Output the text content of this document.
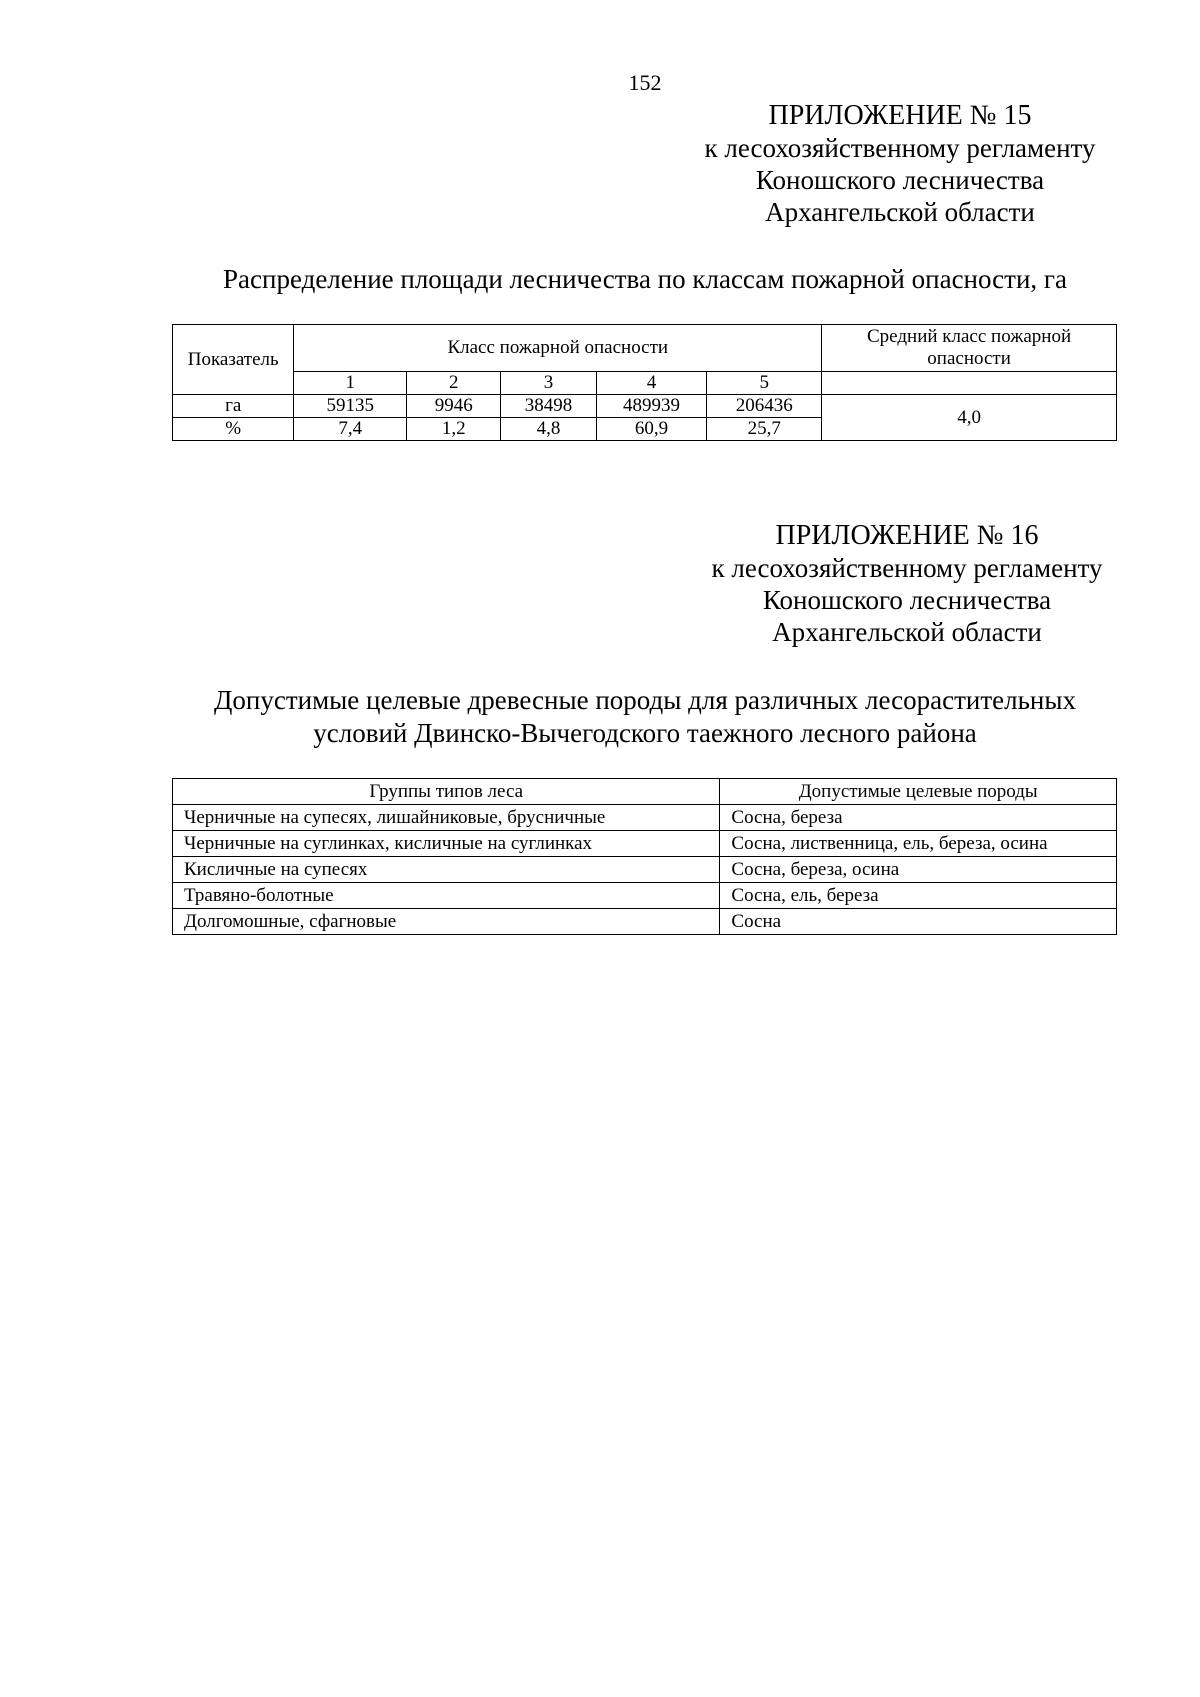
152
ПРИЛОЖЕНИЕ № 15
к лесохозяйственному регламенту
Коношского лесничества
Архангельской области
Распределение площади лесничества по классам пожарной опасности, га
Показатель	Класс пожарной опасности					Средний класс пожарной опасности
	1	2	3	4	5	
га	59135	9946	38498	489939	206436	4,0
%	7,4	1,2	4,8	60,9	25,7	
ПРИЛОЖЕНИЕ № 16
к лесохозяйственному регламенту
Коношского лесничества
Архангельской области
Допустимые целевые древесные породы для различных лесорастительных
условий Двинско-Вычегодского таежного лесного района
Группы типов леса	Допустимые целевые породы
Черничные на супесях, лишайниковые, брусничные	Сосна, береза
Черничные на суглинках, кисличные на суглинках	Сосна, лиственница, ель, береза, осина
Кисличные на супесях	Сосна, береза, осина
Травяно-болотные	Сосна, ель, береза
Долгомошные, сфагновые	Сосна
